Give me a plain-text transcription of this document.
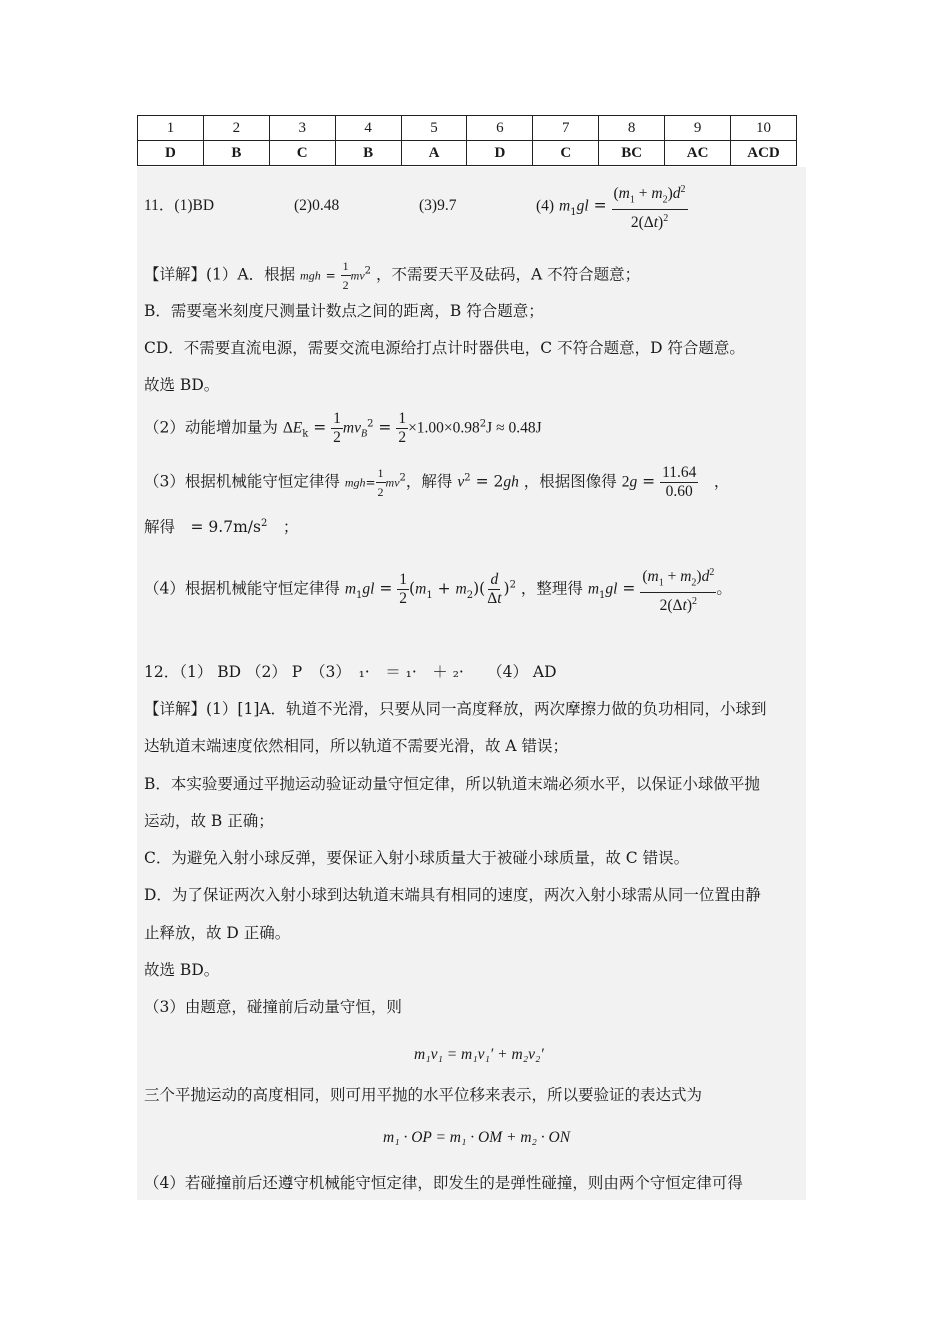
1	2	3	4	5	6	7	8	9	10
D	B	C	B	A	D	C	BC	AC	ACD
11．(1)BD	(2)0.48	(3)9.7	(4) $m_1gl = \frac{(m_1 + m_2)d^2}{2(\Delta t)^2}$
【详解】(1）A．根据 mgh = $\frac{1}{2} mv^2$ ，不需要天平及砝码，A 不符合题意；
B．需要毫米刻度尺测量计数点之间的距离，B 符合题意；
CD．不需要直流电源，需要交流电源给打点计时器供电，C 不符合题意，D 符合题意。
故选 BD。
（2）动能增加量为 $\Delta E_k = \frac{1}{2} mv_B^2 = \frac{1}{2} \times 1.00\times 0.98^2J \approx 0.48J$
（3）根据机械能守恒定律得 $mgh= \frac{1}{2} mv^2$，解得 $v^2 = 2gh$ ，根据图像得 $2g = \frac{11.64}{0.60}$ 　，
解得　= $9.7m/s^2$　；
（4）根据机械能守恒定律得 $m_1gl = \frac{1}{2} (m_1 + m_2)( \frac{d}{\Delta t} )^2$ ，整理得 $m_1gl = \frac{(m_1 + m_2)d^2}{2(\Delta t)^2}$ 。
12．（1） BD （2） P　（3）　₁·　＝ ₁·　＋ ₂·　　（4） AD
【详解】(1）[1]A．轨道不光滑，只要从同一高度释放，两次摩擦力做的负功相同，小球到
达轨道末端速度依然相同，所以轨道不需要光滑，故 A 错误；
B．本实验要通过平抛运动验证动量守恒定律，所以轨道末端必须水平，以保证小球做平抛
运动，故 B 正确；
C．为避免入射小球反弹，要保证入射小球质量大于被碰小球质量，故 C 错误。
D．为了保证两次入射小球到达轨道末端具有相同的速度，两次入射小球需从同一位置由静
止释放，故 D 正确。
故选 BD。
（3）由题意，碰撞前后动量守恒，则
m₁v₁ = m₁v₁′ + m₂v₂′
三个平抛运动的高度相同，则可用平抛的水平位移来表示，所以要验证的表达式为
m₁ · OP = m₁ · OM + m₂ · ON
（4）若碰撞前后还遵守机械能守恒定律，即发生的是弹性碰撞，则由两个守恒定律可得
